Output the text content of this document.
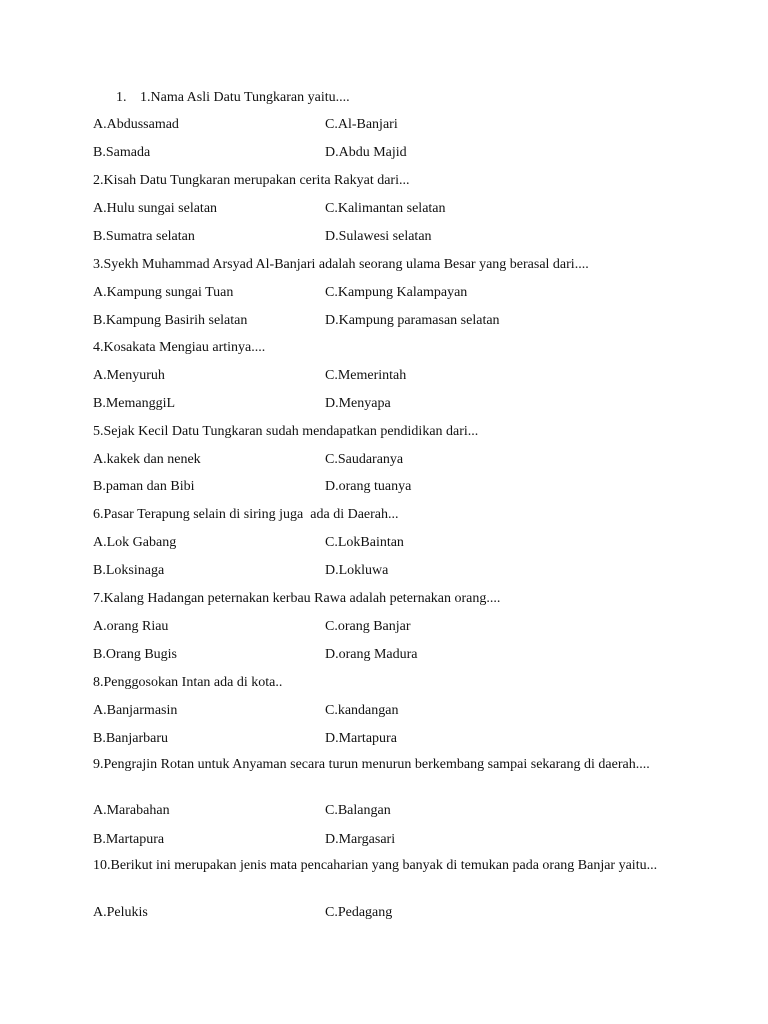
1. 1.Nama Asli Datu Tungkaran yaitu....
A.Abdussamad	C.Al-Banjari
B.Samada	D.Abdu Majid
2.Kisah Datu Tungkaran merupakan cerita Rakyat dari...
A.Hulu sungai selatan	C.Kalimantan selatan
B.Sumatra selatan	D.Sulawesi selatan
3.Syekh Muhammad Arsyad Al-Banjari adalah seorang ulama Besar yang berasal dari....
A.Kampung sungai Tuan	C.Kampung Kalampayan
B.Kampung Basirih selatan	D.Kampung paramasan selatan
4.Kosakata Mengiau artinya....
A.Menyuruh	C.Memerintah
B.MemanggiL	D.Menyapa
5.Sejak Kecil Datu Tungkaran sudah mendapatkan pendidikan dari...
A.kakek dan nenek	C.Saudaranya
B.paman dan Bibi	D.orang tuanya
6.Pasar Terapung selain di siring juga  ada di Daerah...
A.Lok Gabang	C.LokBaintan
B.Loksinaga	D.Lokluwa
7.Kalang Hadangan peternakan kerbau Rawa adalah peternakan orang....
A.orang Riau	C.orang Banjar
B.Orang Bugis	D.orang Madura
8.Penggosokan Intan ada di kota..
A.Banjarmasin	C.kandangan
B.Banjarbaru	D.Martapura
9.Pengrajin Rotan untuk Anyaman secara turun menurun berkembang sampai sekarang di daerah....
A.Marabahan	C.Balangan
B.Martapura	D.Margasari
10.Berikut ini merupakan jenis mata pencaharian yang banyak di temukan pada orang Banjar yaitu...
A.Pelukis	C.Pedagang
